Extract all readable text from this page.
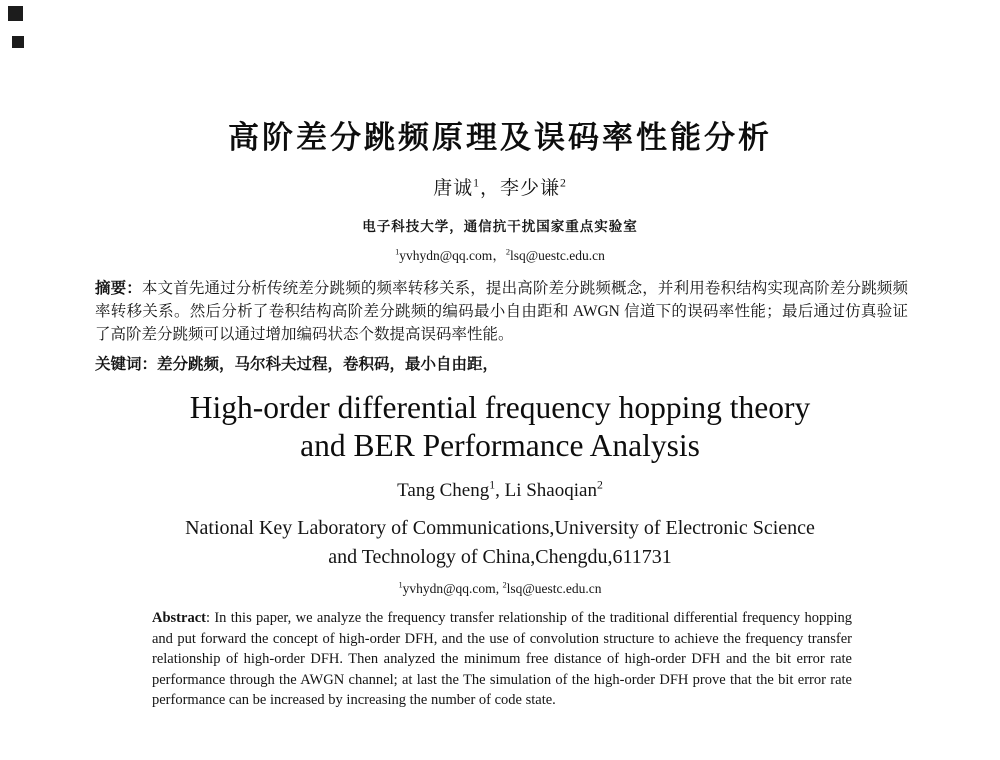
高阶差分跳频原理及误码率性能分析
唐诚$^1$，李少谦$^2$
电子科技大学，通信抗干扰国家重点实验室
$^1$yvhydn@qq.com，$^2$lsq@uestc.edu.cn

摘要：本文首先通过分析传统差分跳频的频率转移关系，提出高阶差分跳频概念，并利用卷积结构实现高阶差分跳频频率转移关系。然后分析了卷积结构高阶差分跳频的编码最小自由距和 AWGN 信道下的误码率性能；最后通过仿真验证了高阶差分跳频可以通过增加编码状态个数提高误码率性能。

关键词：差分跳频，马尔科夫过程，卷积码，最小自由距，

High-order differential frequency hopping theory
and BER Performance Analysis
Tang Cheng$^1$, Li Shaoqian$^2$
National Key Laboratory of Communications,University of Electronic Science
and Technology of China,Chengdu,611731
$^1$yvhydn@qq.com, $^2$lsq@uestc.edu.cn

Abstract: In this paper, we analyze the frequency transfer relationship of the traditional differential frequency hopping and put forward the concept of high-order DFH, and the use of convolution structure to achieve the frequency transfer relationship of high-order DFH. Then analyzed the minimum free distance of high-order DFH and the bit error rate performance through the AWGN channel; at last the The simulation of the high-order DFH prove that the bit error rate performance can be increased by increasing the number of code state.
